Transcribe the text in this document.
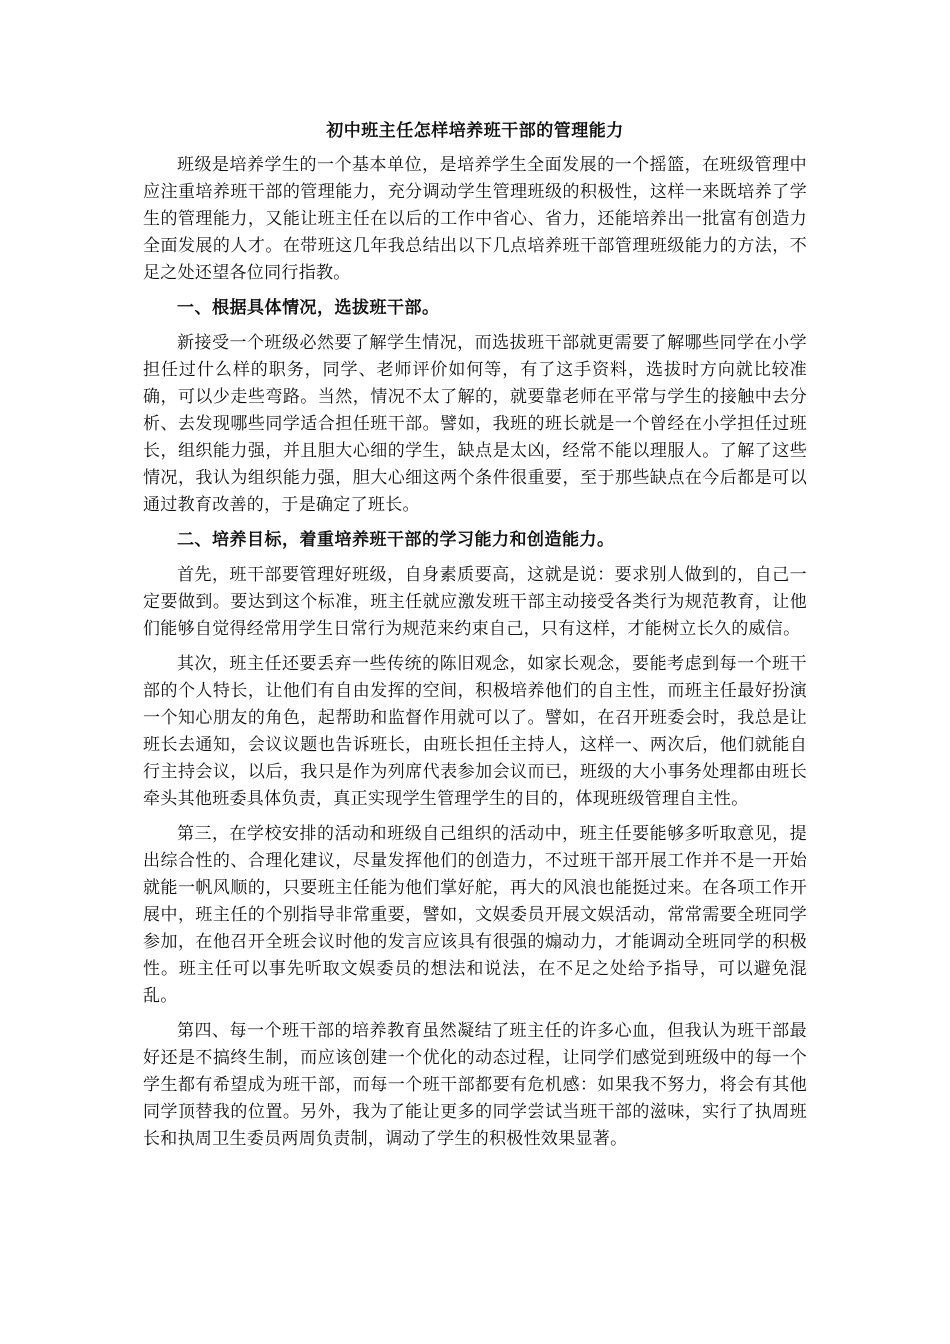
初中班主任怎样培养班干部的管理能力

班级是培养学生的一个基本单位，是培养学生全面发展的一个摇篮，在班级管理中应注重培养班干部的管理能力，充分调动学生管理班级的积极性，这样一来既培养了学生的管理能力，又能让班主任在以后的工作中省心、省力，还能培养出一批富有创造力全面发展的人才。在带班这几年我总结出以下几点培养班干部管理班级能力的方法，不足之处还望各位同行指教。

一、根据具体情况，选拔班干部。

新接受一个班级必然要了解学生情况，而选拔班干部就更需要了解哪些同学在小学担任过什么样的职务，同学、老师评价如何等，有了这手资料，选拔时方向就比较准确，可以少走些弯路。当然，情况不太了解的，就要靠老师在平常与学生的接触中去分析、去发现哪些同学适合担任班干部。譬如，我班的班长就是一个曾经在小学担任过班长，组织能力强，并且胆大心细的学生，缺点是太凶，经常不能以理服人。了解了这些情况，我认为组织能力强，胆大心细这两个条件很重要，至于那些缺点在今后都是可以通过教育改善的，于是确定了班长。

二、培养目标，着重培养班干部的学习能力和创造能力。

首先，班干部要管理好班级，自身素质要高，这就是说：要求别人做到的，自己一定要做到。要达到这个标准，班主任就应激发班干部主动接受各类行为规范教育，让他们能够自觉得经常用学生日常行为规范来约束自己，只有这样，才能树立长久的威信。

其次，班主任还要丢弃一些传统的陈旧观念，如家长观念，要能考虑到每一个班干部的个人特长，让他们有自由发挥的空间，积极培养他们的自主性，而班主任最好扮演一个知心朋友的角色，起帮助和监督作用就可以了。譬如，在召开班委会时，我总是让班长去通知，会议议题也告诉班长，由班长担任主持人，这样一、两次后，他们就能自行主持会议，以后，我只是作为列席代表参加会议而已，班级的大小事务处理都由班长牵头其他班委具体负责，真正实现学生管理学生的目的，体现班级管理自主性。

第三，在学校安排的活动和班级自己组织的活动中，班主任要能够多听取意见，提出综合性的、合理化建议，尽量发挥他们的创造力，不过班干部开展工作并不是一开始就能一帆风顺的，只要班主任能为他们掌好舵，再大的风浪也能挺过来。在各项工作开展中，班主任的个别指导非常重要，譬如，文娱委员开展文娱活动，常常需要全班同学参加，在他召开全班会议时他的发言应该具有很强的煽动力，才能调动全班同学的积极性。班主任可以事先听取文娱委员的想法和说法，在不足之处给予指导，可以避免混乱。

第四、每一个班干部的培养教育虽然凝结了班主任的许多心血，但我认为班干部最好还是不搞终生制，而应该创建一个优化的动态过程，让同学们感觉到班级中的每一个学生都有希望成为班干部，而每一个班干部都要有危机感：如果我不努力，将会有其他同学顶替我的位置。另外，我为了能让更多的同学尝试当班干部的滋味，实行了执周班长和执周卫生委员两周负责制，调动了学生的积极性效果显著。
